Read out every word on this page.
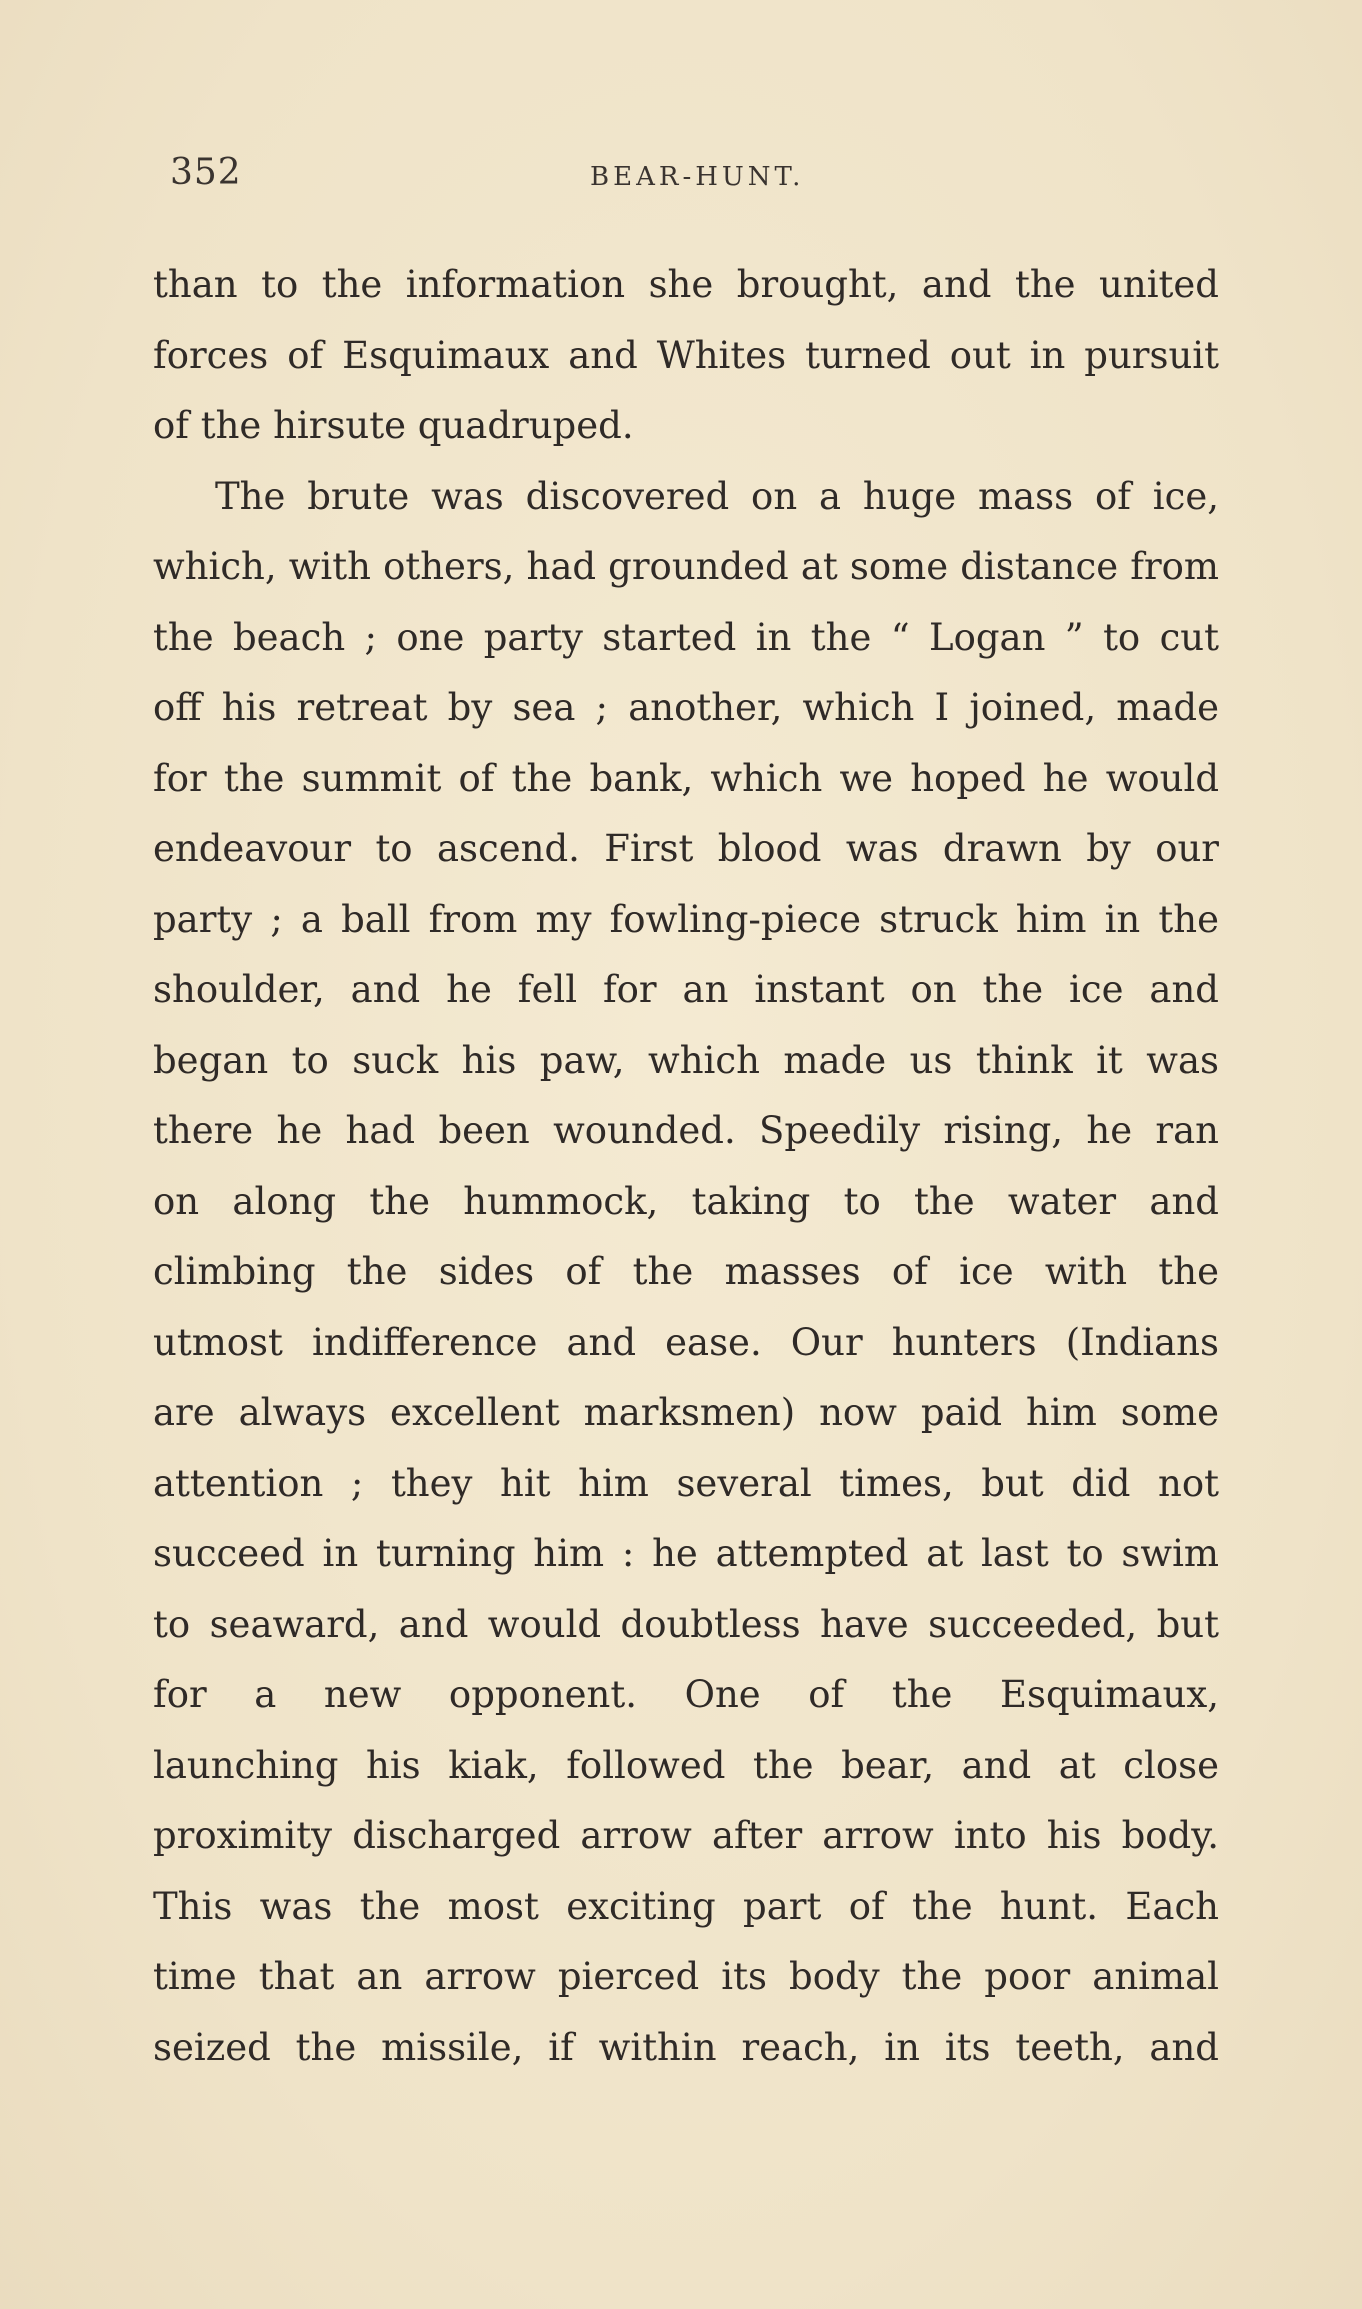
352	BEAR-HUNT.
than to the information she brought, and the united
forces of Esquimaux and Whites turned out in pursuit
of the hirsute quadruped.
The brute was discovered on a huge mass of ice,
which, with others, had grounded at some distance from
the beach ; one party started in the “ Logan ” to cut
off his retreat by sea ; another, which I joined, made
for the summit of the bank, which we hoped he would
endeavour to ascend. First blood was drawn by our
party ; a ball from my fowling-piece struck him in the
shoulder, and he fell for an instant on the ice and
began to suck his paw, which made us think it was
there he had been wounded. Speedily rising, he ran
on along the hummock, taking to the water and
climbing the sides of the masses of ice with the
utmost indifference and ease. Our hunters (Indians
are always excellent marksmen) now paid him some
attention ; they hit him several times, but did not
succeed in turning him : he attempted at last to swim
to seaward, and would doubtless have succeeded, but
for a new opponent. One of the Esquimaux,
launching his kiak, followed the bear, and at close
proximity discharged arrow after arrow into his body.
This was the most exciting part of the hunt. Each
time that an arrow pierced its body the poor animal
seized the missile, if within reach, in its teeth, and
